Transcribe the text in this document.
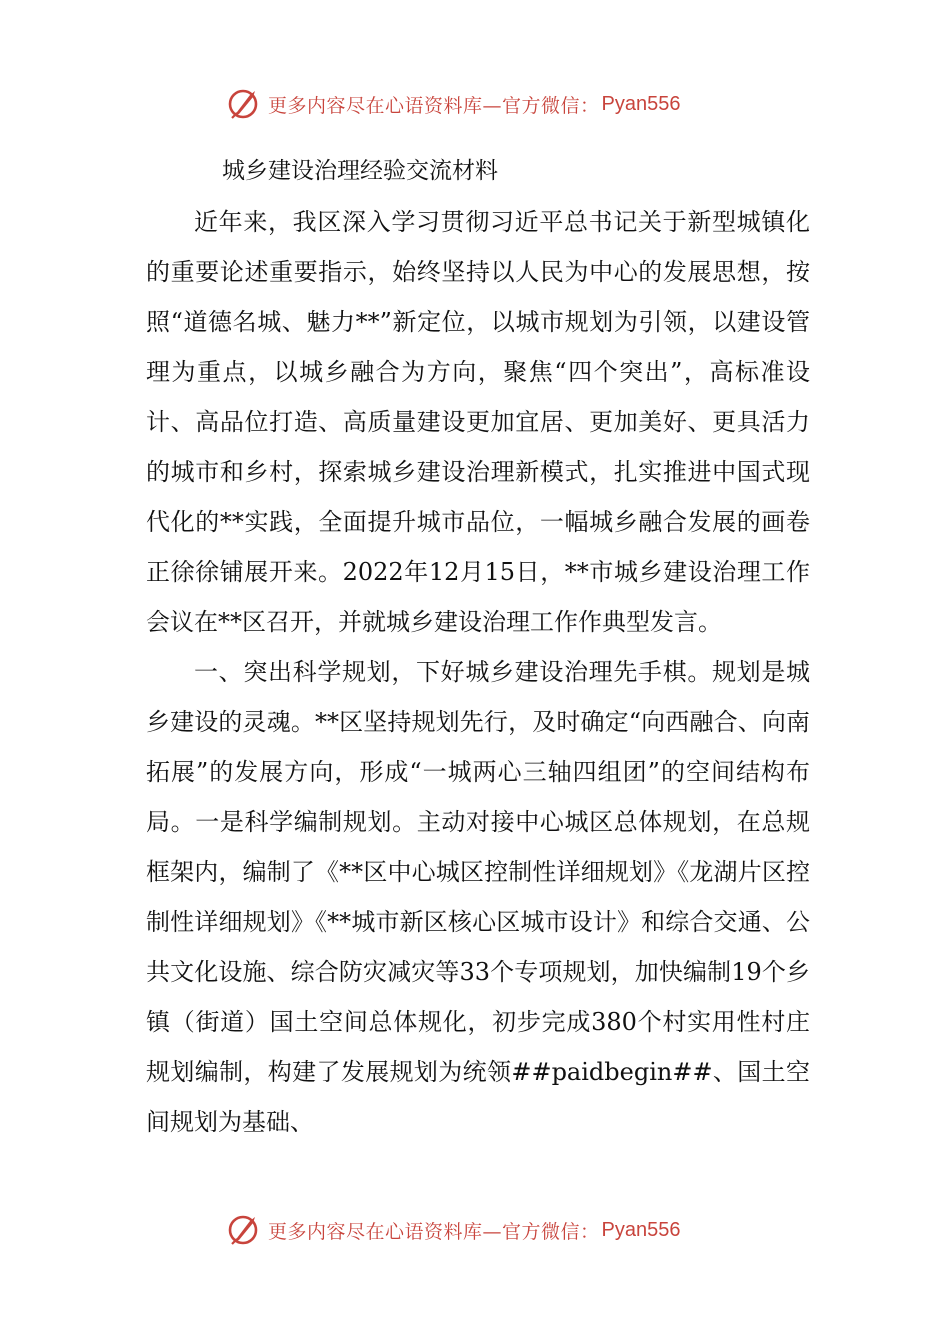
更多内容尽在心语资料库—官方微信： Pyan556
城乡建设治理经验交流材料

近年来，我区深入学习贯彻习近平总书记关于新型城镇化的重要论述重要指示，始终坚持以人民为中心的发展思想，按照“道德名城、魅力**”新定位，以城市规划为引领，以建设管理为重点，以城乡融合为方向，聚焦“四个突出”，高标准设计、高品位打造、高质量建设更加宜居、更加美好、更具活力的城市和乡村，探索城乡建设治理新模式，扎实推进中国式现代化的**实践，全面提升城市品位，一幅城乡融合发展的画卷正徐徐铺展开来。2022年12月15日，**市城乡建设治理工作会议在**区召开，并就城乡建设治理工作作典型发言。

一、突出科学规划，下好城乡建设治理先手棋。规划是城乡建设的灵魂。**区坚持规划先行，及时确定“向西融合、向南拓展”的发展方向，形成“一城两心三轴四组团”的空间结构布局。一是科学编制规划。主动对接中心城区总体规划，在总规框架内，编制了《**区中心城区控制性详细规划》《龙湖片区控制性详细规划》《**城市新区核心区城市设计》和综合交通、公共文化设施、综合防灾减灾等33个专项规划，加快编制19个乡镇（街道）国土空间总体规化，初步完成380个村实用性村庄规划编制，构建了发展规划为统领##paidbegin##、国土空间规划为基础、

更多内容尽在心语资料库—官方微信： Pyan556
